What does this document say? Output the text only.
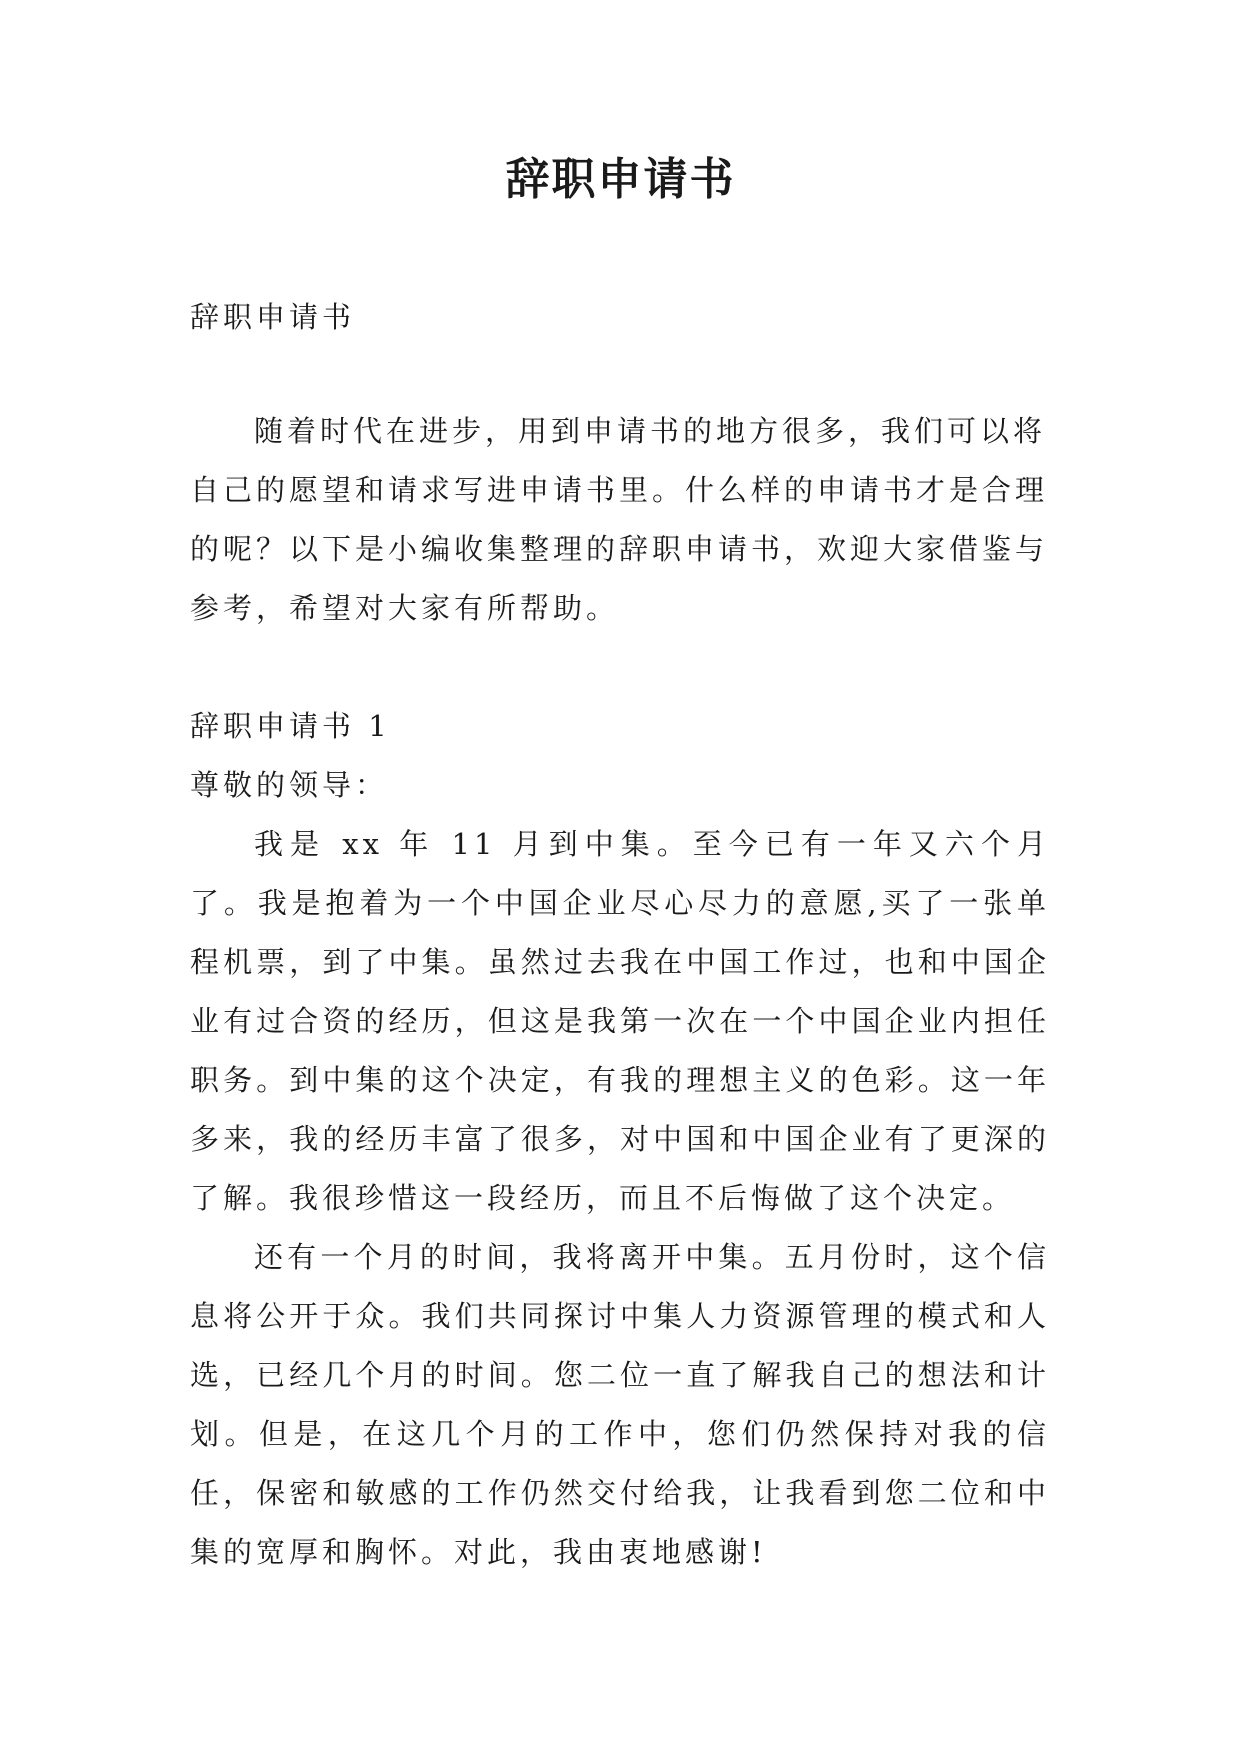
辞职申请书
辞职申请书

随着时代在进步，用到申请书的地方很多，我们可以将自己的愿望和请求写进申请书里。什么样的申请书才是合理的呢？以下是小编收集整理的辞职申请书，欢迎大家借鉴与参考，希望对大家有所帮助。

辞职申请书 1

尊敬的领导：

我是 xx 年 11 月到中集。至今已有一年又六个月了。我是抱着为一个中国企业尽心尽力的意愿,买了一张单程机票，到了中集。虽然过去我在中国工作过，也和中国企业有过合资的经历，但这是我第一次在一个中国企业内担任职务。到中集的这个决定，有我的理想主义的色彩。这一年多来，我的经历丰富了很多，对中国和中国企业有了更深的了解。我很珍惜这一段经历，而且不后悔做了这个决定。

还有一个月的时间，我将离开中集。五月份时，这个信息将公开于众。我们共同探讨中集人力资源管理的模式和人选，已经几个月的时间。您二位一直了解我自己的想法和计划。但是，在这几个月的工作中，您们仍然保持对我的信任，保密和敏感的工作仍然交付给我，让我看到您二位和中集的宽厚和胸怀。对此，我由衷地感谢!
